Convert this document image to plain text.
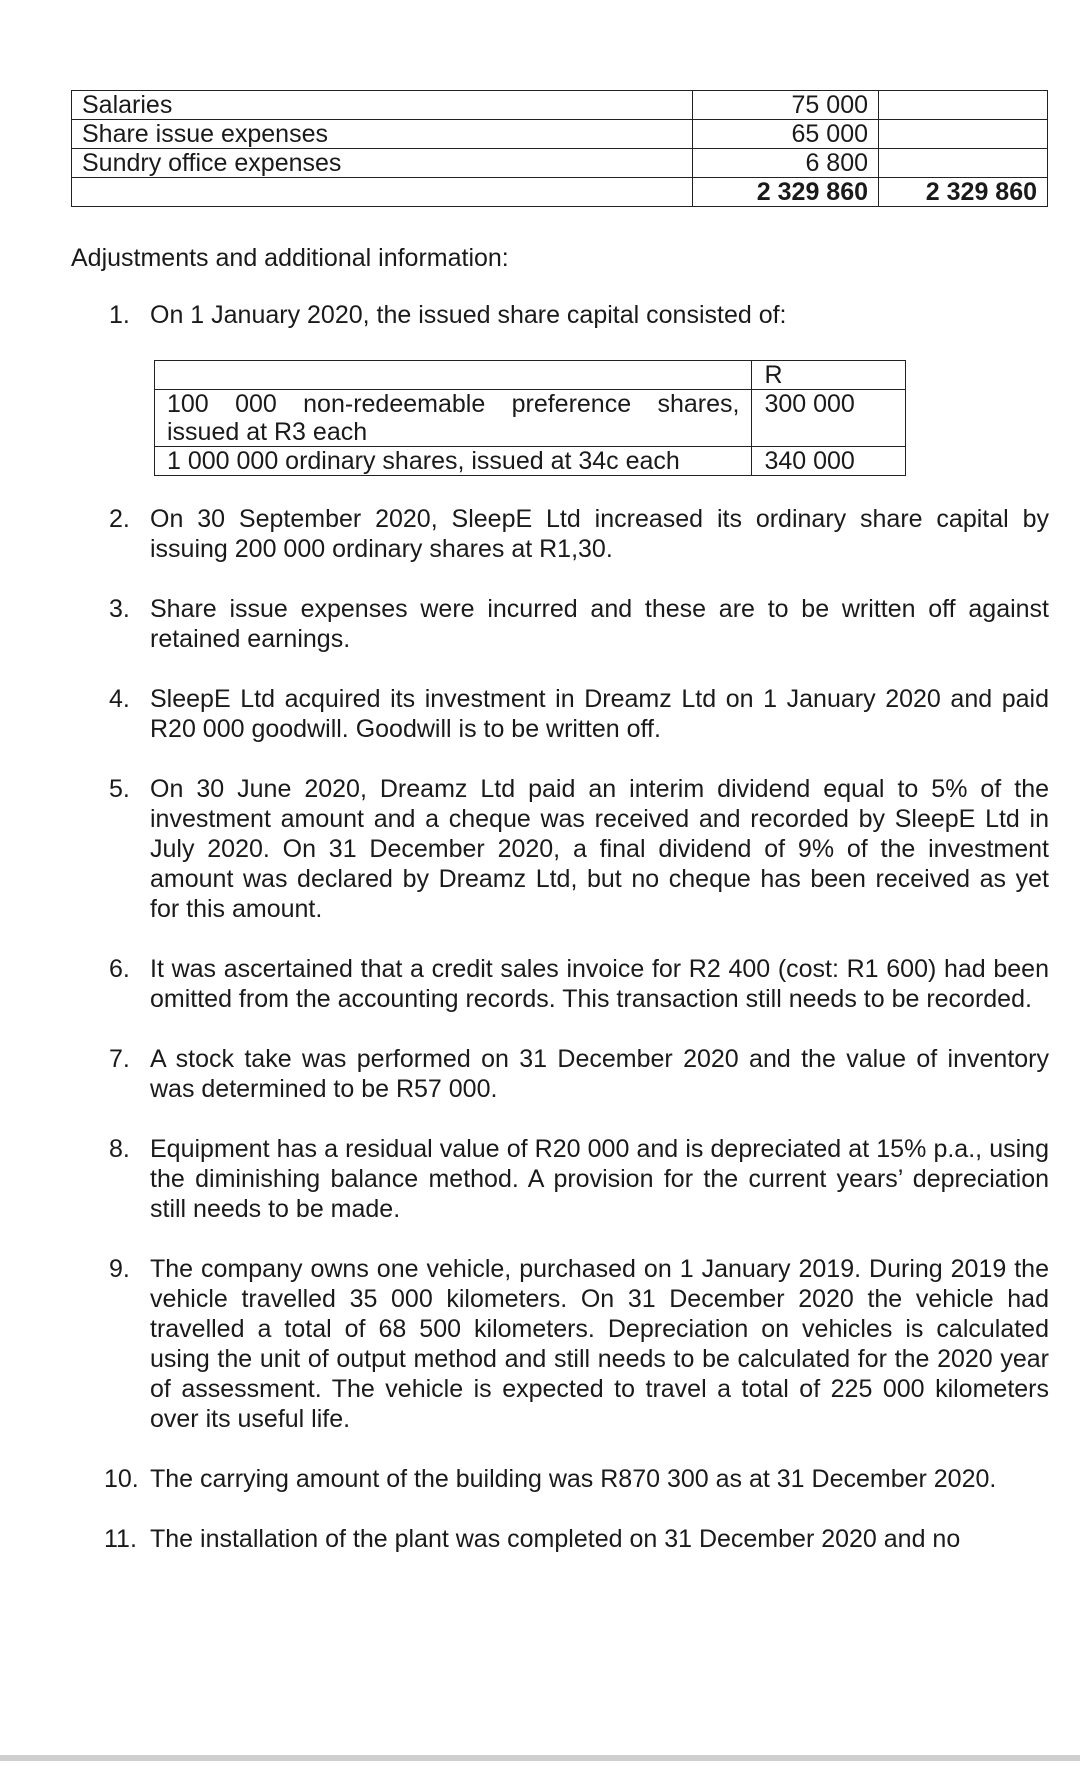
Salaries	75 000	
Share issue expenses	65 000	
Sundry office expenses	6 800	
	2 329 860	2 329 860
Adjustments and additional information:
1. On 1 January 2020, the issued share capital consisted of:
	R
100 000 non-redeemable preference shares, issued at R3 each	300 000
1 000 000 ordinary shares, issued at 34c each	340 000
2. On 30 September 2020, SleepE Ltd increased its ordinary share capital by issuing 200 000 ordinary shares at R1,30.
3. Share issue expenses were incurred and these are to be written off against retained earnings.
4. SleepE Ltd acquired its investment in Dreamz Ltd on 1 January 2020 and paid R20 000 goodwill. Goodwill is to be written off.
5. On 30 June 2020, Dreamz Ltd paid an interim dividend equal to 5% of the investment amount and a cheque was received and recorded by SleepE Ltd in July 2020. On 31 December 2020, a final dividend of 9% of the investment amount was declared by Dreamz Ltd, but no cheque has been received as yet for this amount.
6. It was ascertained that a credit sales invoice for R2 400 (cost: R1 600) had been omitted from the accounting records. This transaction still needs to be recorded.
7. A stock take was performed on 31 December 2020 and the value of inventory was determined to be R57 000.
8. Equipment has a residual value of R20 000 and is depreciated at 15% p.a., using the diminishing balance method. A provision for the current years’ depreciation still needs to be made.
9. The company owns one vehicle, purchased on 1 January 2019. During 2019 the vehicle travelled 35 000 kilometers. On 31 December 2020 the vehicle had travelled a total of 68 500 kilometers. Depreciation on vehicles is calculated using the unit of output method and still needs to be calculated for the 2020 year of assessment. The vehicle is expected to travel a total of 225 000 kilometers over its useful life.
10. The carrying amount of the building was R870 300 as at 31 December 2020.
11. The installation of the plant was completed on 31 December 2020 and no
